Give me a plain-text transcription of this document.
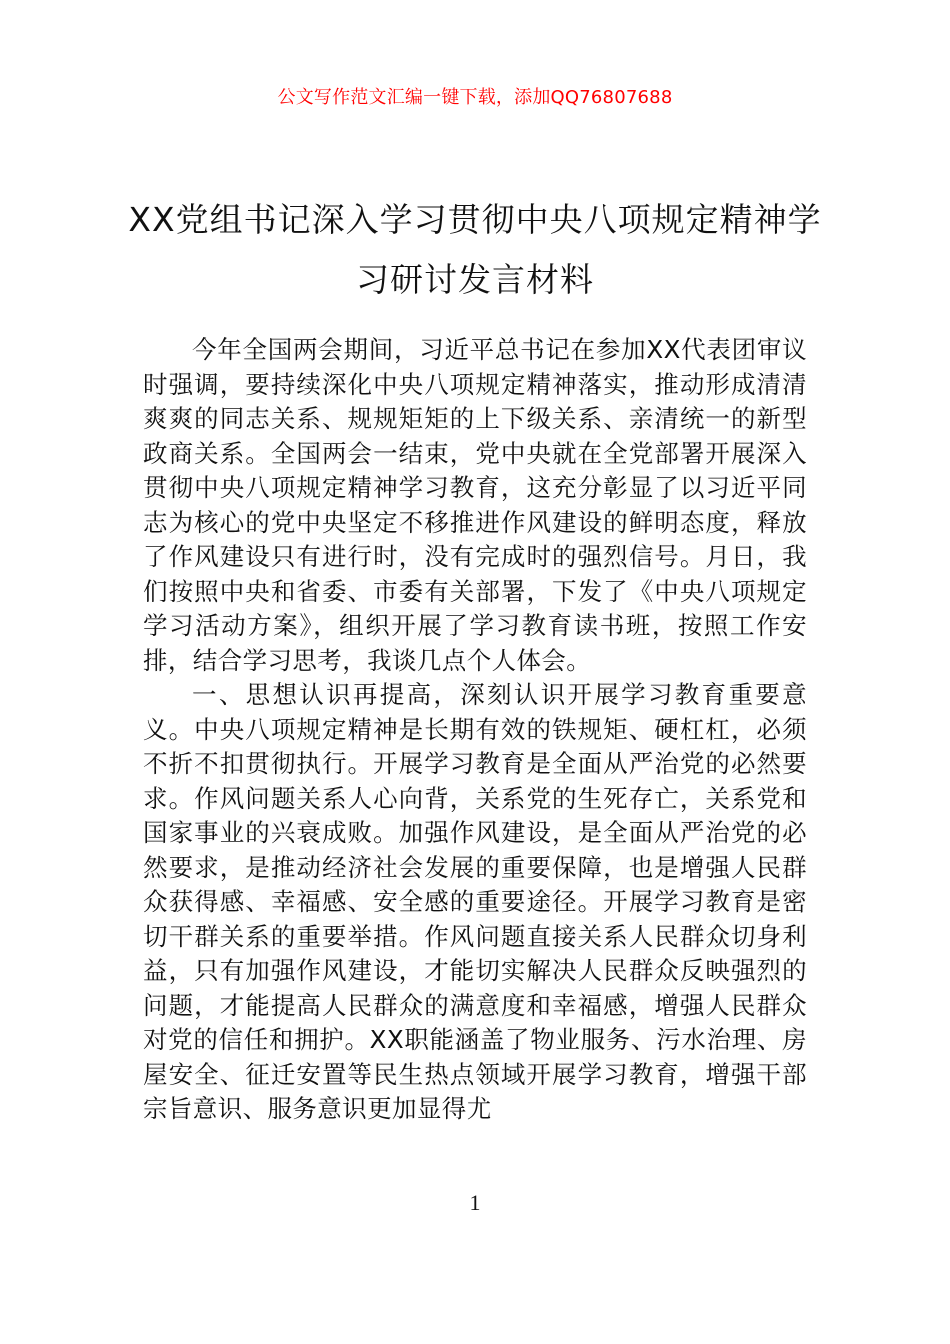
公文写作范文汇编一键下载，添加QQ76807688
XX党组书记深入学习贯彻中央八项规定精神学习研讨发言材料

今年全国两会期间，习近平总书记在参加XX代表团审议时强调，要持续深化中央八项规定精神落实，推动形成清清爽爽的同志关系、规规矩矩的上下级关系、亲清统一的新型政商关系。全国两会一结束，党中央就在全党部署开展深入贯彻中央八项规定精神学习教育，这充分彰显了以习近平同志为核心的党中央坚定不移推进作风建设的鲜明态度，释放了作风建设只有进行时，没有完成时的强烈信号。月日，我们按照中央和省委、市委有关部署，下发了《中央八项规定学习活动方案》，组织开展了学习教育读书班，按照工作安排，结合学习思考，我谈几点个人体会。

一、思想认识再提高，深刻认识开展学习教育重要意义。中央八项规定精神是长期有效的铁规矩、硬杠杠，必须不折不扣贯彻执行。开展学习教育是全面从严治党的必然要求。作风问题关系人心向背，关系党的生死存亡，关系党和国家事业的兴衰成败。加强作风建设，是全面从严治党的必然要求，是推动经济社会发展的重要保障，也是增强人民群众获得感、幸福感、安全感的重要途径。开展学习教育是密切干群关系的重要举措。作风问题直接关系人民群众切身利益，只有加强作风建设，才能切实解决人民群众反映强烈的问题，才能提高人民群众的满意度和幸福感，增强人民群众对党的信任和拥护。XX职能涵盖了物业服务、污水治理、房屋安全、征迁安置等民生热点领域开展学习教育，增强干部宗旨意识、服务意识更加显得尤

1
